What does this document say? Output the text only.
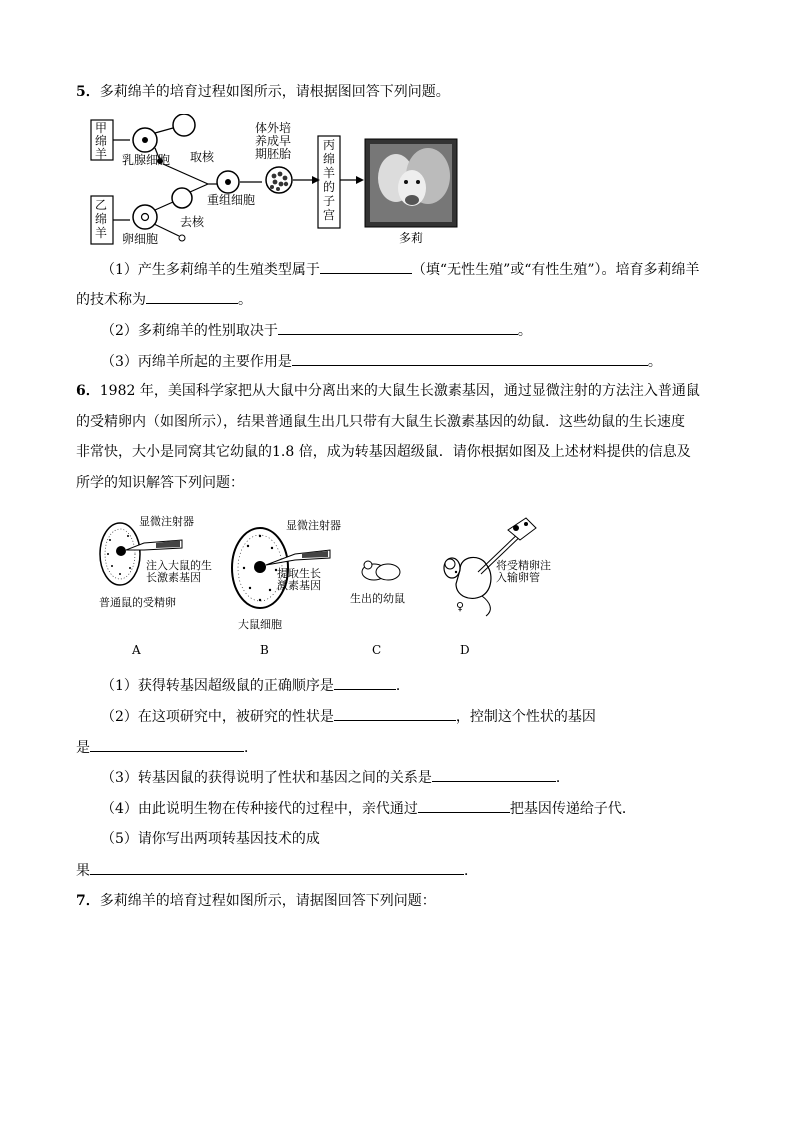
5．多莉绵羊的培育过程如图所示，请根据图回答下列问题。
甲绵羊
乙绵羊
乳腺细胞 取核
重组细胞
去核
卵细胞
体外培养成早期胚胎
丙绵羊的子宫
多莉
（1）产生多莉绵羊的生殖类型属于	（填“无性生殖”或“有性生殖”）。培育多莉绵羊
的技术称为	。
（2）多莉绵羊的性别取决于	。
（3）丙绵羊所起的主要作用是	。
6．1982 年，美国科学家把从大鼠中分离出来的大鼠生长激素基因，通过显微注射的方法注入普通鼠
的受精卵内（如图所示），结果普通鼠生出几只带有大鼠生长激素基因的幼鼠．这些幼鼠的生长速度
非常快，大小是同窝其它幼鼠的1.8 倍，成为转基因超级鼠．请你根据如图及上述材料提供的信息及
所学的知识解答下列问题：
显微注射器
注入大鼠的生
长激素基因
普通鼠的受精卵
显微注射器
提取生长
激素基因
大鼠细胞
生出的幼鼠
将受精卵注
入输卵管
♀
A	B	C	D
（1）获得转基因超级鼠的正确顺序是	．
（2）在这项研究中，被研究的性状是	，控制这个性状的基因
是	．
（3）转基因鼠的获得说明了性状和基因之间的关系是	．
（4）由此说明生物在传种接代的过程中，亲代通过	把基因传递给子代．
（5）请你写出两项转基因技术的成
果	．
7．多莉绵羊的培育过程如图所示，请据图回答下列问题：
